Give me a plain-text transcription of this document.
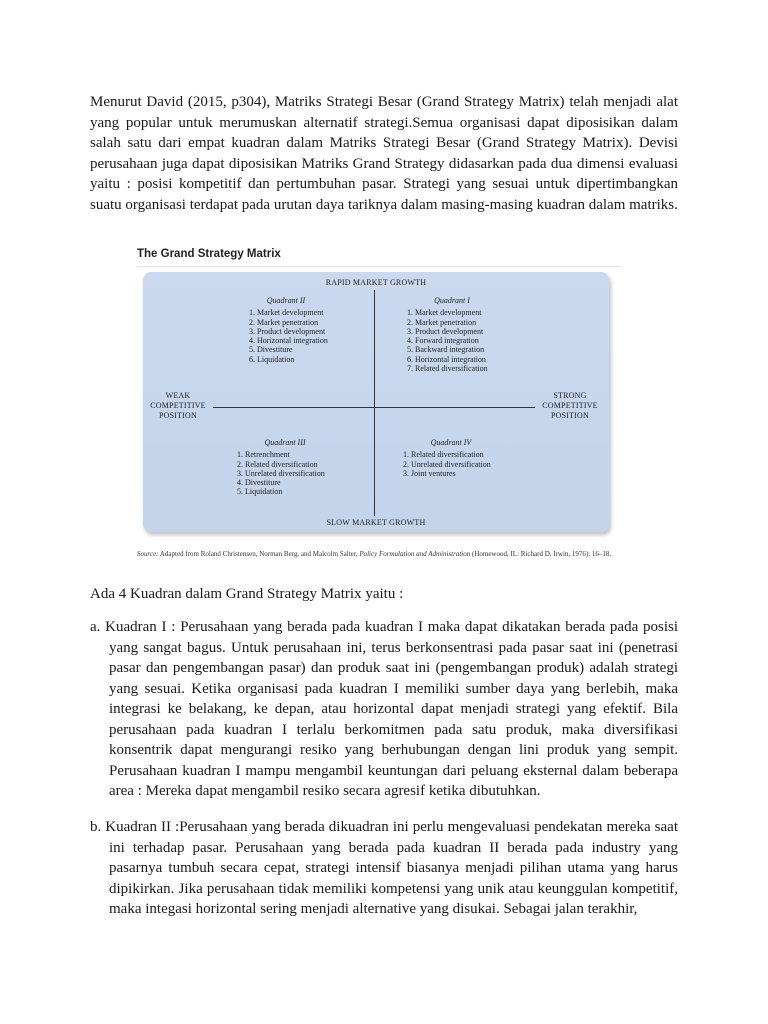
Menurut David (2015, p304), Matriks Strategi Besar (Grand Strategy Matrix) telah menjadi alat yang popular untuk merumuskan alternatif strategi.Semua organisasi dapat diposisikan dalam salah satu dari empat kuadran dalam Matriks Strategi Besar (Grand Strategy Matrix). Devisi perusahaan juga dapat diposisikan Matriks Grand Strategy didasarkan pada dua dimensi evaluasi yaitu : posisi kompetitif dan pertumbuhan pasar. Strategi yang sesuai untuk dipertimbangkan suatu organisasi terdapat pada urutan daya tariknya dalam masing-masing kuadran dalam matriks.

The Grand Strategy Matrix
RAPID MARKET GROWTH
SLOW MARKET GROWTH
WEAK
COMPETITIVE
POSITION
STRONG
COMPETITIVE
POSITION
Quadrant II
1. Market development
2. Market penetration
3. Product development
4. Horizontal integration
5. Divestiture
6. Liquidation
Quadrant I
1. Market development
2. Market penetration
3. Product development
4. Forward integration
5. Backward integration
6. Horizontal integration
7. Related diversification
Quadrant III
1. Retrenchment
2. Related diversification
3. Unrelated diversification
4. Divestiture
5. Liquidation
Quadrant IV
1. Related diversification
2. Unrelated diversification
3. Joint ventures
Source: Adapted from Roland Christensen, Norman Berg, and Malcolm Salter, Policy Formulation and Administration (Homewood, IL: Richard D. Irwin, 1976): 16–18.

Ada 4 Kuadran dalam Grand Strategy Matrix yaitu :

a. Kuadran I : Perusahaan yang berada pada kuadran I maka dapat dikatakan berada pada posisi yang sangat bagus. Untuk perusahaan ini, terus berkonsentrasi pada pasar saat ini (penetrasi pasar dan pengembangan pasar) dan produk saat ini (pengembangan produk) adalah strategi yang sesuai. Ketika organisasi pada kuadran I memiliki sumber daya yang berlebih, maka integrasi ke belakang, ke depan, atau horizontal dapat menjadi strategi yang efektif. Bila perusahaan pada kuadran I terlalu berkomitmen pada satu produk, maka diversifikasi konsentrik dapat mengurangi resiko yang berhubungan dengan lini produk yang sempit. Perusahaan kuadran I mampu mengambil keuntungan dari peluang eksternal dalam beberapa area : Mereka dapat mengambil resiko secara agresif ketika dibutuhkan.

b. Kuadran II :Perusahaan yang berada dikuadran ini perlu mengevaluasi pendekatan mereka saat ini terhadap pasar. Perusahaan yang berada pada kuadran II berada pada industry yang pasarnya tumbuh secara cepat, strategi intensif biasanya menjadi pilihan utama yang harus dipikirkan. Jika perusahaan tidak memiliki kompetensi yang unik atau keunggulan kompetitif, maka integasi horizontal sering menjadi alternative yang disukai. Sebagai jalan terakhir,
